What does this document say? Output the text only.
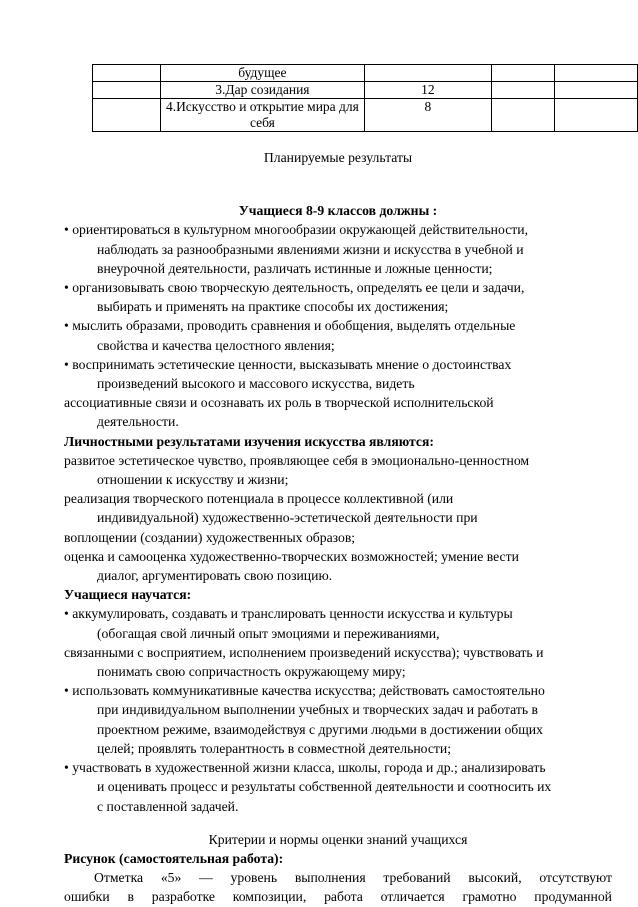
	будущее			
	3.Дар созидания	12		
	4.Искусство и открытие мира для себя	8		

Планируемые результаты

Учащиеся 8-9 классов должны :

• ориентироваться в культурном многообразии окружающей действительности,

наблюдать за разнообразными явлениями жизни и искусства в учебной и

внеурочной деятельности, различать истинные и ложные ценности;

• организовывать свою творческую деятельность, определять ее цели и задачи,

выбирать и применять на практике способы их достижения;

• мыслить образами, проводить сравнения и обобщения, выделять отдельные

свойства и качества целостного явления;

• воспринимать эстетические ценности, высказывать мнение о достоинствах

произведений высокого и массового искусства, видеть

ассоциативные связи и осознавать их роль в творческой исполнительской

деятельности.

Личностными результатами изучения искусства являются:

развитое эстетическое чувство, проявляющее себя в эмоционально-ценностном

отношении к искусству и жизни;

реализация творческого потенциала в процессе коллективной (или

индивидуальной) художественно-эстетической деятельности при

воплощении (создании) художественных образов;

оценка и самооценка художественно-творческих возможностей; умение вести

диалог, аргументировать свою позицию.

Учащиеся научатся:

• аккумулировать, создавать и транслировать ценности искусства и культуры

(обогащая свой личный опыт эмоциями и переживаниями,

связанными с восприятием, исполнением произведений искусства); чувствовать и

понимать свою сопричастность окружающему миру;

• использовать коммуникативные качества искусства; действовать самостоятельно

при индивидуальном выполнении учебных и творческих задач и работать в

проектном режиме, взаимодействуя с другими людьми в достижении общих

целей; проявлять толерантность в совместной деятельности;

• участвовать в художественной жизни класса, школы, города и др.; анализировать

и оценивать процесс и результаты собственной деятельности и соотносить их

с поставленной задачей.

Критерии и нормы оценки знаний учащихся

Рисунок (самостоятельная работа):

Отметка «5» — уровень выполнения требований высокий, отсутствуют

ошибки в разработке композиции, работа отличается грамотно продуманной
